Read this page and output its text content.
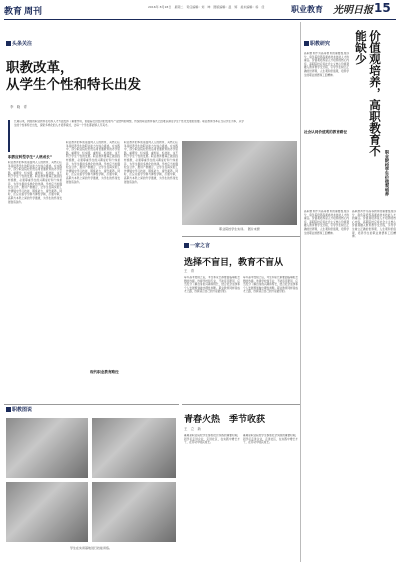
教育 周刊	2016年 8月18日　星期二　责任编辑：刘　坤　图版编辑：温　婷　美术编辑：杨　佳	职业教育 光明日报 15
头条关注
职教改革，
从学生个性和特长出发
李　晓　青
长期以来，我国的职业教育在培养人才方面发挥了重要作用，但随着社会经济的发展与产业结构的调整，传统的职业教育模式已经难以满足学生个性化发展的需要。职业教育改革应当以学生为本，从学生的个性和特长出发，探索多样化的人才培养模式，让每一个学生都能够人尽其才。
职教应转型学生“人格成长”
职业教育的本质是面向人人的教育，其核心任务是培养学生的职业能力与综合素质。在实践中，部分职业院校仍然沿用普通教育的办学思路，重理论、轻实践，重知识、轻技能，这不利于学生个性的发展。职业教育要真正做到因材施教，必须尊重学生的兴趣爱好和个体差异，为学生提供多样化的选择。学校应当加强校企合作，推进产教融合，让学生在真实的工作情境中学习技能、锻炼能力、提升素养。同时，还应完善学分制与弹性学制，打通中职、高职与本科之间的升学通道，为学生的终身发展创造条件。
职业教育的本质是面向人人的教育，其核心任务是培养学生的职业能力与综合素质。在实践中，部分职业院校仍然沿用普通教育的办学思路，重理论、轻实践，重知识、轻技能，这不利于学生个性的发展。职业教育要真正做到因材施教，必须尊重学生的兴趣爱好和个体差异，为学生提供多样化的选择。学校应当加强校企合作，推进产教融合，让学生在真实的工作情境中学习技能、锻炼能力、提升素养。同时，还应完善学分制与弹性学制，打通中职、高职与本科之间的升学通道，为学生的终身发展创造条件。
职业教育的本质是面向人人的教育，其核心任务是培养学生的职业能力与综合素质。在实践中，部分职业院校仍然沿用普通教育的办学思路，重理论、轻实践，重知识、轻技能，这不利于学生个性的发展。职业教育要真正做到因材施教，必须尊重学生的兴趣爱好和个体差异，为学生提供多样化的选择。学校应当加强校企合作，推进产教融合，让学生在真实的工作情境中学习技能、锻炼能力、提升素养。同时，还应完善学分制与弹性学制，打通中职、高职与本科之间的升学通道，为学生的终身发展创造条件。
现代职业教育路径
职业院校学生实训。　图片来源
职教研究	价值观培养，高职教育不能缺少
高职教育作为高等教育的重要组成部分，肩负着培养高素质技术技能人才的重任。价值观培养是人才培养的核心内容，高职院校应将社会主义核心价值观融入教育教学全过程，引导学生树立正确的世界观、人生观和价值观，培养学生的职业道德和工匠精神。
社会认同价值观的教育路径
职业院校学生价值观培养
高职教育作为高等教育的重要组成部分，肩负着培养高素质技术技能人才的重任。价值观培养是人才培养的核心内容，高职院校应将社会主义核心价值观融入教育教学全过程，引导学生树立正确的世界观、人生观和价值观，培养学生的职业道德和工匠精神。
高职教育作为高等教育的重要组成部分，肩负着培养高素质技术技能人才的重任。价值观培养是人才培养的核心内容，高职院校应将社会主义核心价值观融入教育教学全过程，引导学生树立正确的世界观、人生观和价值观，培养学生的职业道德和工匠精神。
一家之言
选择不盲目，教育不盲从
王　青
每年高考放榜之后，考生和家长都要面临填报志愿的选择。选择学校和专业，不能盲目跟风，应当充分了解自身的兴趣和特长，结合社会需求和个人发展规划做出理性判断。职业教育同样是成才之路，选择适合自己的才是最好的。
每年高考放榜之后，考生和家长都要面临填报志愿的选择。选择学校和专业，不能盲目跟风，应当充分了解自身的兴趣和特长，结合社会需求和个人发展规划做出理性判断。职业教育同样是成才之路，选择适合自己的才是最好的。
职教图说
学生在实训基地进行技能训练。
青春火热　季节收获
王　立　新
暑期是职业院校学生参加社会实践的重要时期，同学们走进企业、走进社区，在实践中增长才干，在劳动中收获成长。
暑期是职业院校学生参加社会实践的重要时期，同学们走进企业、走进社区，在实践中增长才干，在劳动中收获成长。
